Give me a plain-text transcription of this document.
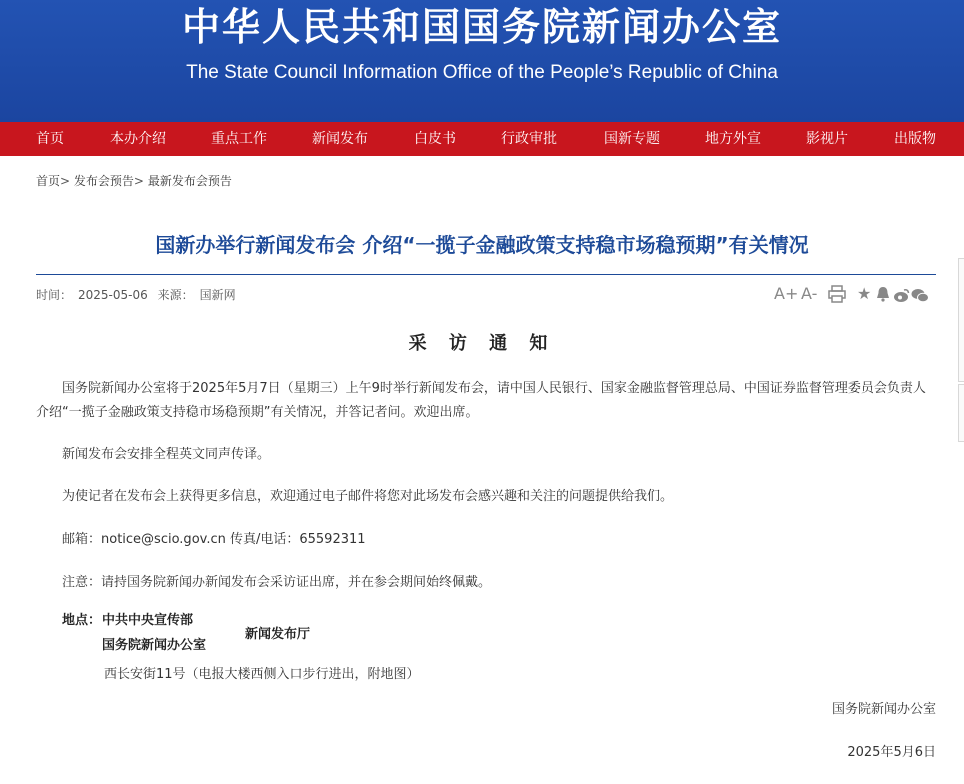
中华人民共和国国务院新闻办公室
The State Council Information Office of the People’s Republic of China
首页	本办介绍	重点工作	新闻发布	白皮书	行政审批	国新专题	地方外宣	影视片	出版物
首页> 发布会预告> 最新发布会预告
国新办举行新闻发布会 介绍“一揽子金融政策支持稳市场稳预期”有关情况
时间： 2025-05-06 来源： 国新网	A+ A- ★
采 访 通 知
国务院新闻办公室将于2025年5月7日（星期三）上午9时举行新闻发布会，请中国人民银行、国家金融监督管理总局、中国证券监督管理委员会负责人介绍“一揽子金融政策支持稳市场稳预期”有关情况，并答记者问。欢迎出席。
新闻发布会安排全程英文同声传译。
为使记者在发布会上获得更多信息，欢迎通过电子邮件将您对此场发布会感兴趣和关注的问题提供给我们。
邮箱：notice@scio.gov.cn 传真/电话：65592311
注意：请持国务院新闻办新闻发布会采访证出席，并在参会期间始终佩戴。
地点： 中共中央宣传部
国务院新闻办公室
新闻发布厅
西长安街11号（电报大楼西侧入口步行进出，附地图）
国务院新闻办公室
2025年5月6日
